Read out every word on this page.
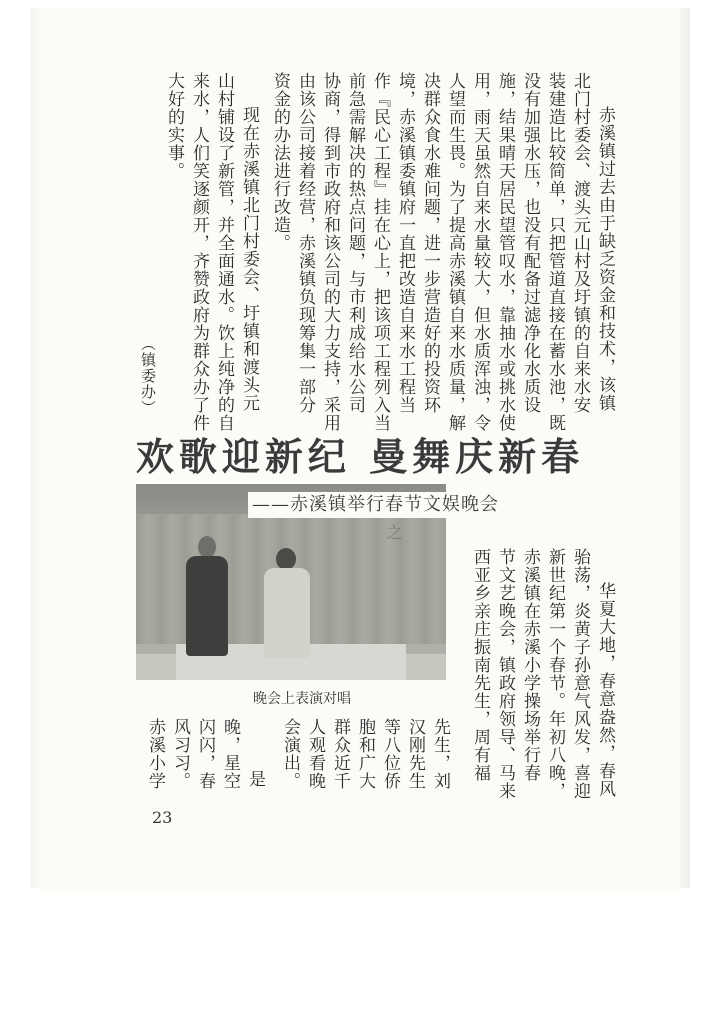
赤溪镇过去由于缺乏资金和技术，该镇
北门村委会、渡头元山村及圩镇的自来水安
装建造比较简单，只把管道直接在蓄水池，既
没有加强水压，也没有配备过滤净化水质设
施，结果晴天居民望管叹水，靠抽水或挑水使
用，雨天虽然自来水量较大，但水质浑浊，令
人望而生畏。为了提高赤溪镇自来水质量，解
决群众食水难问题，进一步营造好的投资环
境，赤溪镇委镇府一直把改造自来水工程当
作『民心工程』挂在心上，把该项工程列入当
前急需解决的热点问题，与市利成给水公司
协商，得到市政府和该公司的大力支持，采用
由该公司接着经营，赤溪镇负现筹集一部分
资金的办法进行改造。
现在赤溪镇北门村委会、圩镇和渡头元
山村铺设了新管，并全面通水。饮上纯净的自
来水，人们笑逐颜开，齐赞政府为群众办了件
大好的实事。
（镇委办）
欢歌迎新纪 曼舞庆新春
之
——赤溪镇举行春节文娱晚会
晚会上表演对唱	华夏大地，春意盎然，春风
骀荡，炎黄子孙意气风发，喜迎
新世纪第一个春节。年初八晚，
赤溪镇在赤溪小学操场举行春
节文艺晚会，镇政府领导、马来
西亚乡亲庄振南先生，周有福
先生，刘
汉刚先生
等八位侨
胞和广大
群众近千
人观看晚
会演出。
是
晚，星空
闪闪，春
风习习。
赤溪小学
23
